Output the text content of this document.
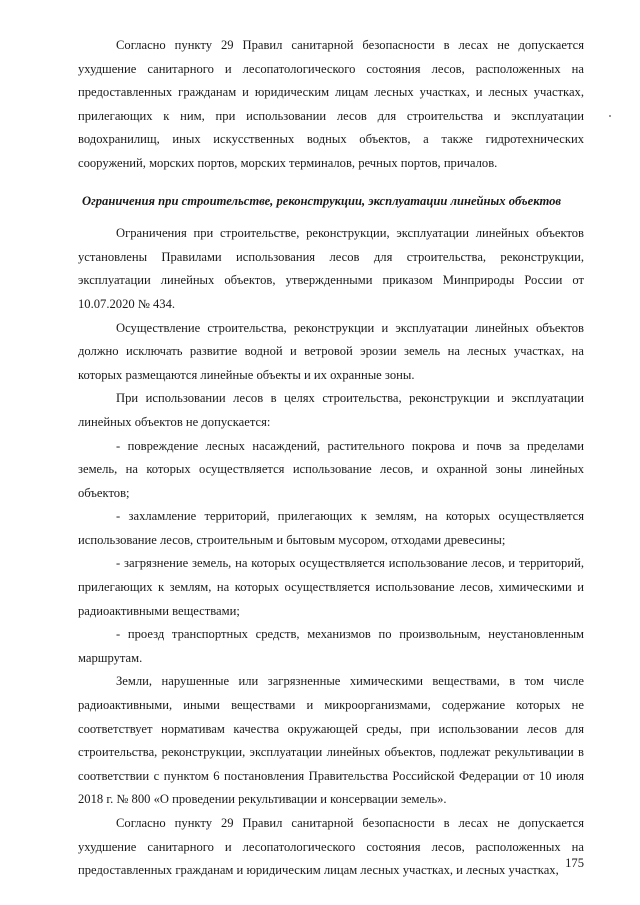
Согласно пункту 29 Правил санитарной безопасности в лесах не допускается ухудшение санитарного и лесопатологического состояния лесов, расположенных на предоставленных гражданам и юридическим лицам лесных участках, и лесных участках, прилегающих к ним, при использовании лесов для строительства и эксплуатации водохранилищ, иных искусственных водных объектов, а также гидротехнических сооружений, морских портов, морских терминалов, речных портов, причалов.

Ограничения при строительстве, реконструкции, эксплуатации линейных объектов

Ограничения при строительстве, реконструкции, эксплуатации линейных объектов установлены Правилами использования лесов для строительства, реконструкции, эксплуатации линейных объектов, утвержденными приказом Минприроды России от 10.07.2020 № 434.

Осуществление строительства, реконструкции и эксплуатации линейных объектов должно исключать развитие водной и ветровой эрозии земель на лесных участках, на которых размещаются линейные объекты и их охранные зоны.

При использовании лесов в целях строительства, реконструкции и эксплуатации линейных объектов не допускается:

- повреждение лесных насаждений, растительного покрова и почв за пределами земель, на которых осуществляется использование лесов, и охранной зоны линейных объектов;

- захламление территорий, прилегающих к землям, на которых осуществляется использование лесов, строительным и бытовым мусором, отходами древесины;

- загрязнение земель, на которых осуществляется использование лесов, и территорий, прилегающих к землям, на которых осуществляется использование лесов, химическими и радиоактивными веществами;

- проезд транспортных средств, механизмов по произвольным, неустановленным маршрутам.

Земли, нарушенные или загрязненные химическими веществами, в том числе радиоактивными, иными веществами и микроорганизмами, содержание которых не соответствует нормативам качества окружающей среды, при использовании лесов для строительства, реконструкции, эксплуатации линейных объектов, подлежат рекультивации в соответствии с пунктом 6 постановления Правительства Российской Федерации от 10 июля 2018 г. № 800 «О проведении рекультивации и консервации земель».

Согласно пункту 29 Правил санитарной безопасности в лесах не допускается ухудшение санитарного и лесопатологического состояния лесов, расположенных на предоставленных гражданам и юридическим лицам лесных участках, и лесных участках,

175
